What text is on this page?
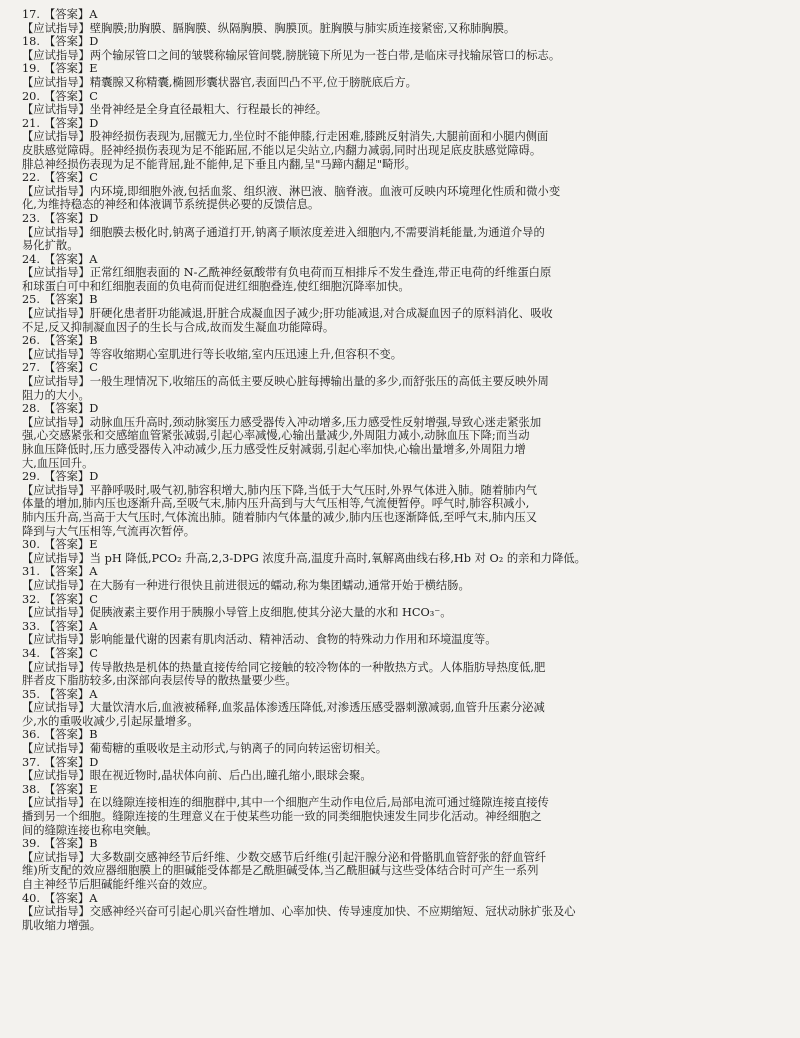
17. 【答案】A
【应试指导】壁胸膜;肋胸膜、膈胸膜、纵隔胸膜、胸膜顶。脏胸膜与肺实质连接紧密,又称肺胸膜。
18. 【答案】D
【应试指导】两个输尿管口之间的皱襞称输尿管间襞,膀胱镜下所见为一苍白带,是临床寻找输尿管口的标志。
19. 【答案】E
【应试指导】精囊腺又称精囊,椭圆形囊状器官,表面凹凸不平,位于膀胱底后方。
20. 【答案】C
【应试指导】坐骨神经是全身直径最粗大、行程最长的神经。
21. 【答案】D
【应试指导】股神经损伤表现为,屈髋无力,坐位时不能伸膝,行走困难,膝跳反射消失,大腿前面和小腿内侧面
皮肤感觉障碍。胫神经损伤表现为足不能跖屈,不能以足尖站立,内翻力减弱,同时出现足底皮肤感觉障碍。
腓总神经损伤表现为足不能背屈,趾不能伸,足下垂且内翻,呈"马蹄内翻足"畸形。
22. 【答案】C
【应试指导】内环境,即细胞外液,包括血浆、组织液、淋巴液、脑脊液。血液可反映内环境理化性质和微小变
化,为维持稳态的神经和体液调节系统提供必要的反馈信息。
23. 【答案】D
【应试指导】细胞膜去极化时,钠离子通道打开,钠离子顺浓度差进入细胞内,不需要消耗能量,为通道介导的
易化扩散。
24. 【答案】A
【应试指导】正常红细胞表面的 N-乙酰神经氨酸带有负电荷而互相排斥不发生叠连,带正电荷的纤维蛋白原
和球蛋白可中和红细胞表面的负电荷而促进红细胞叠连,使红细胞沉降率加快。
25. 【答案】B
【应试指导】肝硬化患者肝功能减退,肝脏合成凝血因子减少;肝功能减退,对合成凝血因子的原料消化、吸收
不足,反又抑制凝血因子的生长与合成,故而发生凝血功能障碍。
26. 【答案】B
【应试指导】等容收缩期心室肌进行等长收缩,室内压迅速上升,但容积不变。
27. 【答案】C
【应试指导】一般生理情况下,收缩压的高低主要反映心脏每搏输出量的多少,而舒张压的高低主要反映外周
阻力的大小。
28. 【答案】D
【应试指导】动脉血压升高时,颈动脉窦压力感受器传入冲动增多,压力感受性反射增强,导致心迷走紧张加
强,心交感紧张和交感缩血管紧张减弱,引起心率减慢,心输出量减少,外周阻力减小,动脉血压下降;而当动
脉血压降低时,压力感受器传入冲动减少,压力感受性反射减弱,引起心率加快,心输出量增多,外周阻力增
大,血压回升。
29. 【答案】D
【应试指导】平静呼吸时,吸气初,肺容积增大,肺内压下降,当低于大气压时,外界气体进入肺。随着肺内气
体量的增加,肺内压也逐渐升高,至吸气末,肺内压升高到与大气压相等,气流便暂停。呼气时,肺容积减小,
肺内压升高,当高于大气压时,气体流出肺。随着肺内气体量的减少,肺内压也逐渐降低,至呼气末,肺内压又
降到与大气压相等,气流再次暂停。
30. 【答案】E
【应试指导】当 pH 降低,PCO₂ 升高,2,3-DPG 浓度升高,温度升高时,氧解离曲线右移,Hb 对 O₂ 的亲和力降低。
31. 【答案】A
【应试指导】在大肠有一种进行很快且前进很远的蠕动,称为集团蠕动,通常开始于横结肠。
32. 【答案】C
【应试指导】促胰液素主要作用于胰腺小导管上皮细胞,使其分泌大量的水和 HCO₃⁻。
33. 【答案】A
【应试指导】影响能量代谢的因素有肌肉活动、精神活动、食物的特殊动力作用和环境温度等。
34. 【答案】C
【应试指导】传导散热是机体的热量直接传给同它接触的较冷物体的一种散热方式。人体脂肪导热度低,肥
胖者皮下脂肪较多,由深部向表层传导的散热量要少些。
35. 【答案】A
【应试指导】大量饮清水后,血液被稀释,血浆晶体渗透压降低,对渗透压感受器刺激减弱,血管升压素分泌减
少,水的重吸收减少,引起尿量增多。
36. 【答案】B
【应试指导】葡萄糖的重吸收是主动形式,与钠离子的同向转运密切相关。
37. 【答案】D
【应试指导】眼在视近物时,晶状体向前、后凸出,瞳孔缩小,眼球会聚。
38. 【答案】E
【应试指导】在以缝隙连接相连的细胞群中,其中一个细胞产生动作电位后,局部电流可通过缝隙连接直接传
播到另一个细胞。缝隙连接的生理意义在于使某些功能一致的同类细胞快速发生同步化活动。神经细胞之
间的缝隙连接也称电突触。
39. 【答案】B
【应试指导】大多数副交感神经节后纤维、少数交感节后纤维(引起汗腺分泌和骨骼肌血管舒张的舒血管纤
维)所支配的效应器细胞膜上的胆碱能受体都是乙酰胆碱受体,当乙酰胆碱与这些受体结合时可产生一系列
自主神经节后胆碱能纤维兴奋的效应。
40. 【答案】A
【应试指导】交感神经兴奋可引起心肌兴奋性增加、心率加快、传导速度加快、不应期缩短、冠状动脉扩张及心
肌收缩力增强。
